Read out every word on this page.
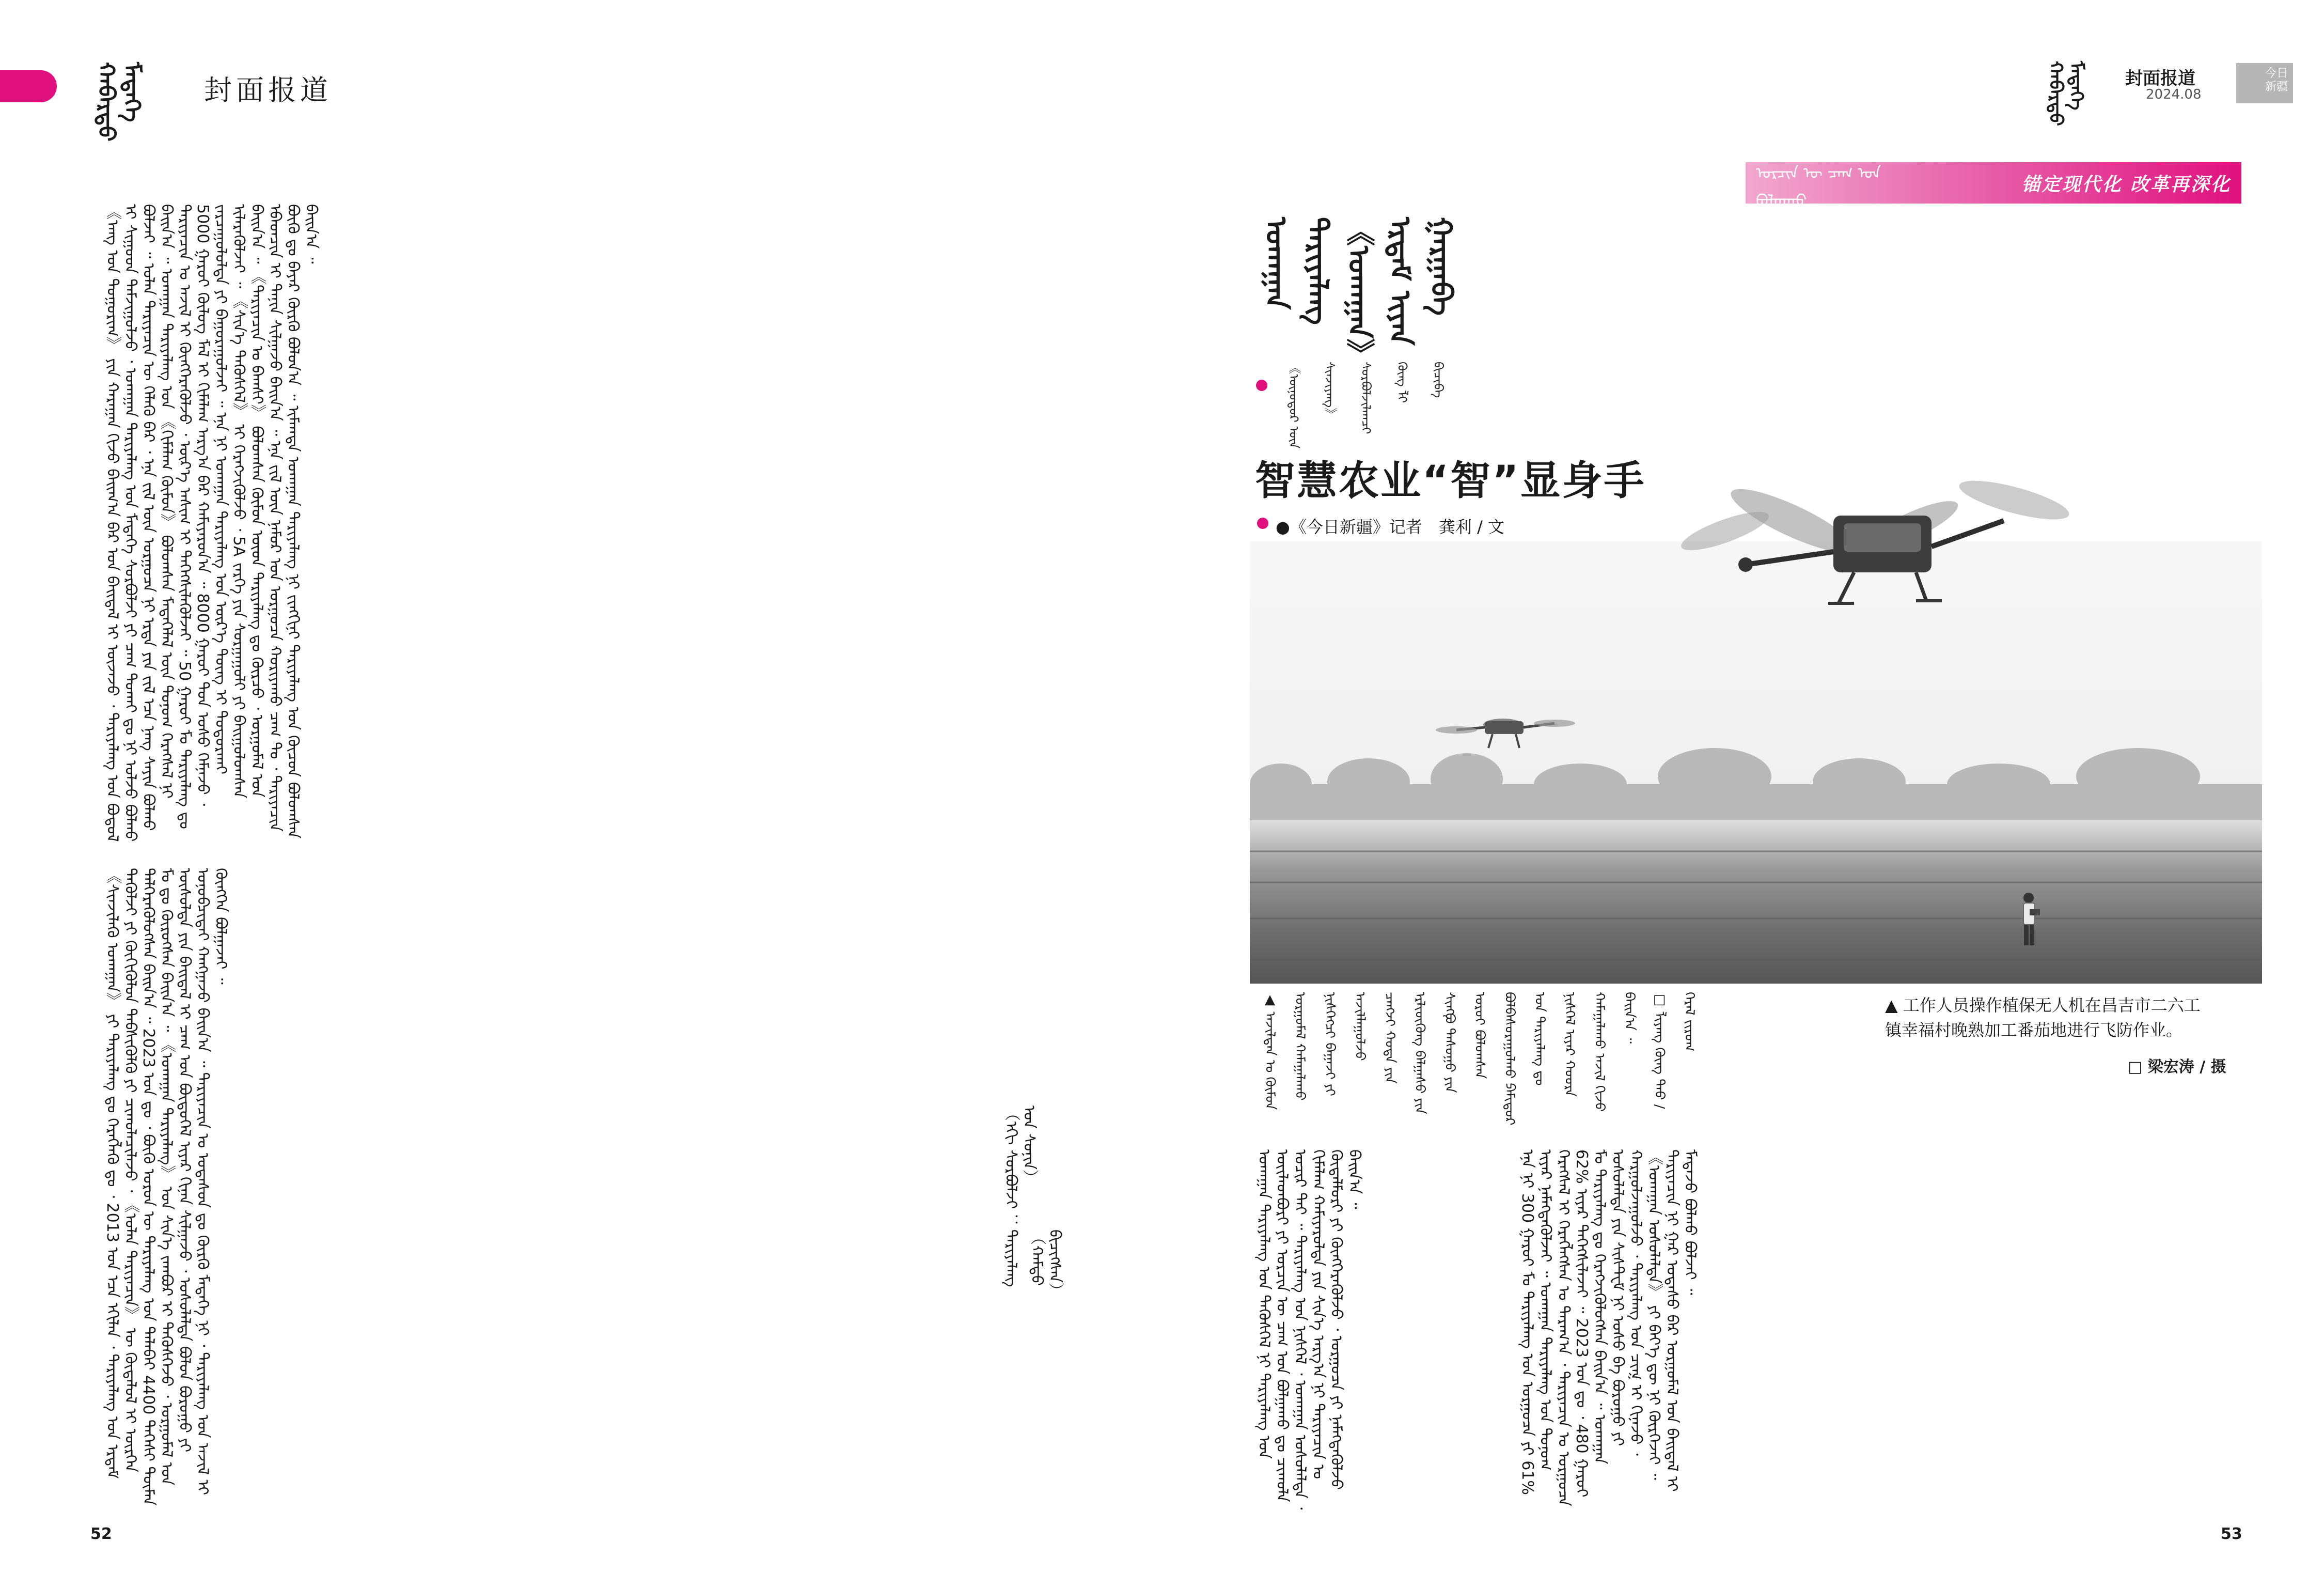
ᠬᠠᠪᠠᠷᠳᠤ ᠮᠡᠳᠡᠭᠡ	封面报道	ᠬᠠᠪᠠᠷᠳᠤ ᠮᠡᠳᠡᠭᠡ	封面报道
2024.08
今日
新疆
ᠣᠷᠴᠢᠨ ᠦ ᠴᠠᠭ ᠤᠨ ᠪᠣᠯᠭᠠᠬᠤ
锚定现代化 改革再深化
ᠤᠬᠠᠭᠠᠨ ᠲᠠᠷᠢᠶᠠᠯᠠᠩ
《ᠤᠬᠠᠭᠠᠨ》
ᠡᠷᠳᠡᠮ ᠢᠶᠡᠨ ᠭᠠᠷᠭᠠᠪᠠ
《ᠥᠨᠥᠳᠥᠷ ᠦᠨ ᠰᠢᠨᠵᠢᠶᠠᠩ》
ᠰᠤᠷᠪᠤᠯᠵᠢᠯᠠᠭᠴᠢ
ᠭᠦᠩ ᠯᠢ
ᠪᠢᠴᠢᠪᠡ
智慧农业“智”显身手
●《今日新疆》记者　龚利 / 文
▲ 工作人员操作植保无人机在昌吉市二六工
镇幸福村晚熟加工番茄地进行飞防作业。
□ 梁宏涛 / 摄
▲ ᠠᠵᠢᠯᠳᠠᠨ ᠤ ᠬᠦᠮᠦᠨ ᠤᠷᠭᠤᠮᠠᠯ ᠬᠠᠮᠠᠭᠠᠯᠠᠬᠤ ᠨᠢᠰᠭᠡᠭᠴᠢ ᠪᠠᠭᠠᠵᠢ ᠶᠢ ᠠᠵᠢᠯᠯᠠᠭᠤᠯᠵᠤ
ᠴᠠᠩᠵᠢ ᠬᠣᠲᠠ ᠶᠢᠨ ᠡᠷᠯᠢᠦ᠋ᠭᠦᠩ ᠪᠠᠯᠭᠠᠰᠤ ᠶᠢᠨ ᠰᠢᠩᠹᠦ ᠲᠠᠰᠤᠭᠤ ᠶᠢᠨ
ᠣᠷᠣᠢ ᠪᠣᠯᠣᠭᠰᠠᠨ ᠪᠣᠯᠪᠠᠰᠤᠷᠠᠭᠤᠯᠬᠤ ᠫᠠᠮᠢᠳᠤᠷ ᠤᠨ ᠲᠠᠷᠢᠶᠠᠯᠠᠩ ᠳᠤ
ᠨᠢᠰᠬᠡᠯ ᠢᠶᠡᠷ ᠬᠣᠣᠷᠠ ᠬᠠᠮᠠᠭᠠᠯᠠᠬᠤ ᠠᠵᠢᠯ ᠬᠢᠵᠦ ᠪᠠᠢᠨ᠎ᠠ ᠃
□ ᠯᠢᠶᠠᠩ ᠬᠦᠩ ᠲᠠᠤ / ᠭᠡᠷᠡᠯ ᠵᠢᠷᠤᠭ
ᠤᠬᠠᠭᠠᠨ ᠲᠠᠷᠢᠶᠠᠯᠠᠩ ᠤᠨ ᠲᠡᠭᠦᠰᠬᠡᠯ ᠨᠢ ᠲᠠᠷᠢᠶᠠᠯᠠᠩ ᠤᠨ ᠦᠢᠯᠡᠳᠪᠦᠷᠢ ᠶᠢ ᠣᠷᠴᠢᠨ ᠦ ᠴᠠᠭ ᠤᠨ ᠪᠣᠯᠭᠠᠬᠤ ᠳᠤ ᠴᠢᠬᠤᠯᠠ ᠤᠴᠢᠷ ᠲᠠᠢ ᠃ ᠲᠠᠷᠢᠶᠠᠯᠠᠩ ᠤᠨ ᠨᠢᠰᠬᠡᠯ ᠂ ᠤᠬᠠᠭᠠᠨ ᠤᠰᠤᠯᠠᠯᠲᠠ ᠂ ᠬᠢᠮᠠᠯᠠᠭ ᠬᠠᠮᠢᠶᠠᠷᠤᠯᠲᠠ ᠶᠢᠨ ᠰᠢᠨ᠎ᠡ ᠠᠷᠭ᠎ᠠ ᠨᠢ ᠲᠠᠷᠢᠶᠠᠴᠢᠨ ᠤ ᠬᠥᠳᠡᠯᠮᠦᠷᠢ ᠶᠢ ᠬᠦᠩᠭᠡᠷᠡᠭᠦᠯᠵᠦ ᠂ ᠤᠷᠭᠤᠴᠠ ᠶᠢ ᠨᠡᠮᠡᠭᠳᠡᠭᠦᠯᠵᠦ ᠪᠠᠢᠨ᠎ᠠ ᠃	ᠡᠨᠡ ᠨᠢ 300 ᠭᠠᠷᠤᠢ ᠮᠤ ᠲᠠᠷᠢᠶᠠᠯᠠᠩ ᠤᠨ ᠤᠷᠭᠤᠴᠠ ᠶᠢ 61% ᠢᠶᠠᠷ ᠨᠡᠮᠡᠭᠳᠡᠭᠦᠯᠵᠡᠢ ᠃ ᠤᠬᠠᠭᠠᠨ ᠲᠠᠷᠢᠶᠠᠯᠠᠩ ᠤᠨ ᠲᠣᠨᠣᠭ ᠬᠡᠷᠡᠭᠰᠡᠯ ᠢ ᠬᠡᠷᠡᠭᠯᠡᠭᠰᠡᠨ ᠤ ᠳᠠᠷᠠᠭ᠎ᠠ ᠂ ᠲᠠᠷᠢᠶᠠᠴᠢᠨ ᠤ ᠤᠷᠭᠤᠴᠠ 62% ᠢᠶᠠᠷ ᠳᠡᠭᠡᠭᠰᠢᠯᠡᠵᠡᠢ ᠃ 2023 ᠣᠨ ᠳᠤ ᠂ 480 ᠭᠠᠷᠤᠢ ᠮᠤ ᠲᠠᠷᠢᠶᠠᠯᠠᠩ ᠳᠤ ᠬᠡᠷᠡᠭᠵᠢᠭᠦᠯᠦᠭᠰᠡᠨ ᠪᠠᠢᠨ᠎ᠠ ᠃ ᠤᠬᠠᠭᠠᠨ ᠤᠰᠤᠯᠠᠯᠲᠠ ᠶᠢᠨ ᠰᠢᠰᠲ᠋ᠧᠮ ᠨᠢ ᠤᠰᠤ ᠪᠠ ᠪᠣᠷᠣᠭᠣ ᠶᠢ ᠬᠠᠷᠭᠤᠯᠵᠠᠭᠤᠯᠵᠤ ᠂ ᠲᠠᠷᠢᠶᠠᠯᠠᠩ ᠤᠨ ᠴᠢᠭ᠍ ᠢ ᠬᠢᠨᠠᠵᠤ ᠂ 《ᠤᠬᠠᠭᠠᠨ ᠤᠰᠤᠯᠠᠯᠲᠠ》 ᠶᠢ ᠪᠡᠶ᠎ᠡ ᠳᠦ ᠨᠢ ᠬᠦᠷᠭᠡᠵᠡᠢ ᠃ ᠲᠠᠷᠢᠶᠠᠴᠢᠨ ᠨᠢ ᠭᠠᠷ ᠤᠳᠠᠰᠤ ᠪᠠᠷ ᠤᠷᠭᠤᠮᠠᠯ ᠤᠨ ᠪᠠᠢᠳᠠᠯ ᠢ ᠮᠡᠳᠡᠵᠦ ᠪᠣᠯᠬᠤ ᠪᠣᠯᠵᠠᠢ ᠃
《ᠠᠩ ᠤᠨ ᠲᠣᠭᠣᠷᠢᠭ》 ᠶᠢᠨ ᠬᠠᠷᠠᠭᠠᠨ ᠬᠢᠵᠦ ᠪᠠᠢᠭ᠎ᠠ ᠪᠠᠷ ᠤᠨ ᠪᠠᠢᠳᠠᠯ ᠢ ᠦᠵᠡᠵᠦ ᠂ ᠲᠠᠷᠢᠶᠠᠯᠠᠩ ᠤᠨ ᠪᠣᠳᠤᠯ ᠢ ᠰᠢᠭᠤᠳ ᠳᠠᠮᠵᠢᠭᠤᠯᠵᠤ ᠂ ᠤᠬᠠᠭᠠᠨ ᠲᠠᠷᠢᠶᠠᠯᠠᠩ ᠤᠨ ᠮᠡᠳᠡᠭᠡ ᠰᠤᠷᠪᠤᠯᠵᠢ ᠶᠢ ᠴᠠᠭ ᠲᠤᠬᠠᠢ ᠳᠤ ᠨᠢ ᠣᠯᠵᠤ ᠪᠣᠯᠬᠤ ᠪᠣᠯᠵᠠᠢ ᠃ ᠣᠯᠠᠨ ᠲᠠᠷᠢᠶᠠᠴᠢᠨ ᠦ ᠬᠡᠯᠡᠬᠦ ᠪᠡᠷ ᠂ ᠡᠨᠡ ᠵᠢᠯ ᠦᠨ ᠤᠷᠭᠤᠴᠠ ᠨᠢ ᠡᠷᠲᠡ ᠶᠢᠨ ᠵᠢᠯ ᠡᠴᠡ ᠨᠡᠩ ᠰᠠᠶᠢᠨ ᠪᠣᠯᠬᠤ ᠪᠠᠢᠨ᠎ᠠ ᠃ ᠤᠬᠠᠭᠠᠨ ᠲᠠᠷᠢᠶᠠᠯᠠᠩ ᠤᠨ 《ᠬᠢᠮᠠᠯᠠᠭ ᠬᠦᠮᠦᠨ》 ᠪᠣᠯᠤᠭᠰᠠᠨ ᠮᠡᠳᠡᠭᠡᠯᠡᠯ ᠦᠨ ᠲᠣᠨᠣᠭ ᠬᠡᠷᠡᠭᠰᠡᠯ ᠨᠢ ᠲᠠᠷᠢᠶᠠᠴᠢᠨ ᠤ ᠠᠵᠢᠯ ᠢ ᠬᠦᠩᠭᠡᠷᠡᠭᠦᠯᠵᠦ ᠂ ᠦᠷ᠎ᠡ ᠠᠰᠢᠭ ᠢ ᠳᠡᠭᠡᠭᠰᠢᠯᠡᠭᠦᠯᠵᠡᠢ ᠃ 50 ᠭᠠᠷᠤᠢ ᠮᠤ ᠲᠠᠷᠢᠶᠠᠯᠠᠩ ᠳᠤ 5000 ᠭᠠᠷᠤᠢ ᠬᠦᠯᠦᠭ ᠮᠠᠯ ᠢ ᠬᠢᠮᠠᠯᠠᠭ ᠠᠷᠭ᠎ᠠ ᠪᠠᠷ ᠬᠠᠮᠢᠶᠠᠷᠤᠨ᠎ᠠ ᠃ 8000 ᠭᠠᠷᠤᠢ ᠲᠣᠨ ᠤᠰᠤ ᠬᠡᠮᠨᠡᠵᠦ ᠂ ᠵᠠᠷᠴᠠᠭᠤᠯᠤᠯᠲᠠ ᠶᠢ ᠪᠠᠭᠤᠷᠠᠭᠤᠯᠵᠠᠢ ᠃ ᠡᠨᠡ ᠨᠢ ᠤᠬᠠᠭᠠᠨ ᠲᠠᠷᠢᠶᠠᠯᠠᠩ ᠤᠨ ᠦᠷ᠎ᠡ ᠳᠦᠩ ᠢ ᠲᠣᠳᠣᠷᠬᠠᠶ ᠢᠯᠡᠷᠡᠭᠦᠯᠵᠡᠢ ᠃ 《ᠰᠢᠨ᠎ᠡ ᠲᠡᠭᠦᠰᠬᠡᠯ》 ᠢ ᠬᠡᠷᠡᠭᠵᠢᠭᠦᠯᠵᠦ ᠂ 5A ᠵᠡᠷᠭᠡ ᠶᠢᠨ ᠰᠤᠷᠭᠠᠭᠤᠯᠢ ᠶᠢ ᠪᠠᠢᠭᠤᠯᠤᠭᠰᠠᠨ ᠪᠠᠢᠨ᠎ᠠ ᠃ 《ᠲᠠᠷᠢᠶᠠᠴᠢᠨ ᠤ ᠪᠠᠭᠰᠢ》 ᠪᠣᠯᠤᠭᠰᠠᠨ ᠬᠦᠮᠦᠨ ᠦᠳ ᠲᠠᠷᠢᠶᠠᠯᠠᠩ ᠳᠤ ᠬᠦᠷᠴᠦ ᠂ ᠤᠷᠭᠤᠮᠠᠯ ᠤᠨ ᠡᠪᠡᠳᠴᠢᠨ ᠢ ᠲᠠᠨᠢᠨ ᠰᠢᠯᠭᠠᠵᠤ ᠪᠠᠢᠨ᠎ᠠ ᠃ ᠡᠨᠡ ᠵᠢᠯ ᠦᠨ ᠨᠠᠮᠤᠷ ᠤᠨ ᠤᠷᠭᠤᠴᠠ ᠬᠤᠷᠢᠶᠠᠬᠤ ᠴᠠᠭ ᠲᠤ ᠂ ᠲᠠᠷᠢᠶᠠᠴᠢᠨ ᠪᠦᠬᠦ ᠳᠤ ᠪᠠᠶᠠᠷ ᠬᠦᠷᠬᠦ ᠪᠣᠯᠤᠨ᠎ᠠ ᠃ ᠢᠮᠠᠭᠳᠠ ᠤᠬᠠᠭᠠᠨ ᠲᠠᠷᠢᠶᠠᠯᠠᠩ ᠨᠢ ᠵᠢᠩᠬᠢᠨᠢ ᠲᠠᠷᠢᠶᠠᠯᠠᠩ ᠤᠨ ᠬᠦᠴᠦᠨ ᠪᠣᠯᠤᠭᠰᠠᠨ ᠪᠠᠢᠨ᠎ᠠ ᠃
《ᠰᠢᠨᠵᠢᠯᠡᠬᠦ ᠤᠬᠠᠭᠠᠨ》 ᠶᠢ ᠲᠠᠷᠢᠶᠠᠯᠠᠩ ᠳᠤ ᠬᠡᠷᠡᠭᠯᠡᠬᠦ ᠳᠤ ᠂ 2013 ᠣᠨ ᠡᠴᠡ ᠡᠬᠢᠯᠡᠨ ᠂ ᠲᠠᠷᠢᠶᠠᠯᠠᠩ ᠤᠨ ᠡᠷᠳᠡᠮ ᠲᠡᠭᠦᠯᠵᠢ ᠶᠢ ᠬᠥᠬᠢᠭᠦᠯᠦᠨ ᠳᠡᠪᠰᠢᠭᠦᠯᠬᠦ ᠶᠢ ᠴᠢᠬᠤᠯᠠᠴᠢᠯᠠᠵᠤ ᠂ 《ᠣᠯᠠᠨ ᠲᠠᠷᠢᠶᠠᠴᠢᠨ》 ᠦ ᠬᠥᠳᠡᠯᠦᠯ ᠢ ᠥᠷᠭᠡᠨ ᠳᠡᠯᠭᠡᠷᠡᠭᠦᠯᠦᠭᠰᠡᠨ ᠪᠠᠢᠨ᠎ᠠ ᠃ 2023 ᠣᠨ ᠳᠤ ᠂ ᠪᠦᠬᠦ ᠣᠷᠣᠨ ᠦ ᠲᠠᠷᠢᠶᠠᠯᠠᠩ ᠤᠨ ᠲᠠᠯᠠᠪᠠᠢ 4400 ᠳᠡᠭᠡᠰᠢ ᠲᠦᠮᠡᠨ ᠮᠤ ᠳᠤ ᠬᠦᠷᠦᠭᠰᠡᠨ ᠪᠠᠢᠨ᠎ᠠ ᠃ 《ᠤᠬᠠᠭᠠᠨ ᠲᠠᠷᠢᠶᠠᠯᠠᠩ》 ᠤᠨ ᠰᠢᠨ᠎ᠡ ᠵᠠᠭᠪᠤᠷ ᠢ ᠲᠡᠭᠦᠰᠬᠡᠵᠦ ᠂ ᠤᠷᠭᠤᠮᠠᠯ ᠤᠨ ᠥᠰᠦᠯᠲᠡ ᠶᠢᠨ ᠪᠠᠢᠳᠠᠯ ᠢ ᠴᠠᠭ ᠤᠨ ᠪᠦᠲᠦᠭᠡᠯ ᠢᠶᠡᠷ ᠬᠢᠨᠠᠨ ᠰᠢᠯᠭᠠᠵᠤ ᠂ ᠤᠰᠤᠯᠠᠯᠲᠠ ᠪᠣᠯᠤᠨ ᠪᠣᠷᠣᠭᠣ ᠶᠢ ᠣᠨᠣᠪᠴᠢᠲᠠᠢ ᠬᠠᠩᠭᠠᠵᠤ ᠪᠠᠢᠨ᠎ᠠ ᠃ ᠲᠠᠷᠢᠶᠠᠴᠢᠨ ᠤ ᠤᠲᠠᠰᠤᠨ ᠳᠤ ᠬᠦᠷᠬᠦ ᠮᠡᠳᠡᠭᠡ ᠨᠢ ᠂ ᠲᠠᠷᠢᠶᠠᠯᠠᠩ ᠤᠨ ᠠᠵᠢᠯ ᠢ ᠬᠥᠩᠭᠡᠨ ᠪᠣᠯᠭᠠᠵᠠᠢ ᠃
（ᠡᠬᠢ ᠰᠤᠷᠪᠤᠯᠵᠢ ：ᠲᠠᠷᠢᠶᠠᠯᠠᠩ ᠤᠨ ᠰᠤᠨᠢᠨ）
（ᠬᠠᠮᠲᠤ ᠪᠢᠴᠢᠭ᠌ᠰᠡᠨ）
52	53
